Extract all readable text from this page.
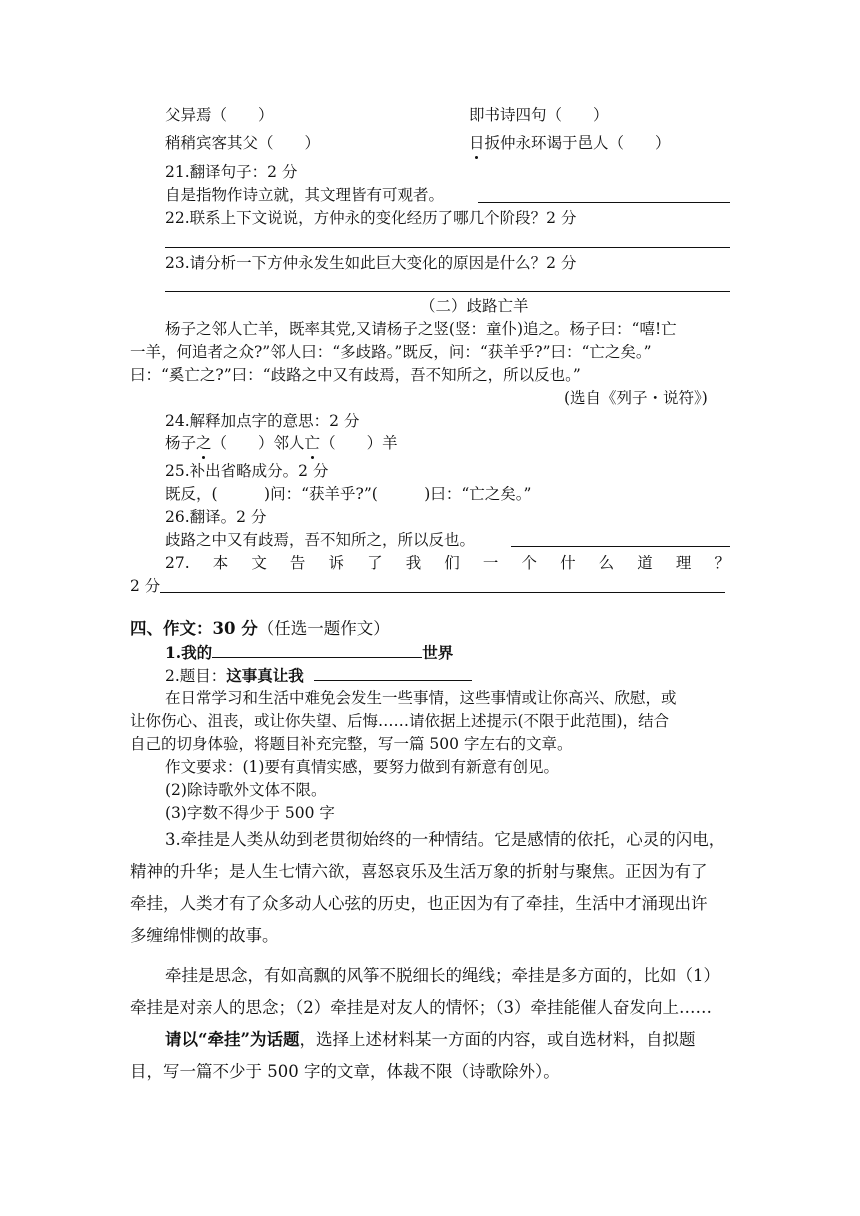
父异焉（　　）	即书诗四句（　　）
稍稍宾客其父（　　）	日扳仲永环谒于邑人（　　）
21.翻译句子：2 分
自是指物作诗立就，其文理皆有可观者。
22.联系上下文说说，方仲永的变化经历了哪几个阶段？2 分
23.请分析一下方仲永发生如此巨大变化的原因是什么？2 分
（二）歧路亡羊
杨子之邻人亡羊，既率其党,又请杨子之竖(竖：童仆)追之。杨子曰：“嘻!亡
一羊，何追者之众?”邻人曰：“多歧路。”既反，问：“获羊乎?”曰：“亡之矣。”
曰：“奚亡之?”曰：“歧路之中又有歧焉，吾不知所之，所以反也。”
(选自《列子・说符》)
24.解释加点字的意思：2 分
杨子之（　　）邻人亡（　　）羊
25.补出省略成分。2 分
既反，(　　　)问：“获羊乎?”(　　　)曰：“亡之矣。”
26.翻译。2 分
歧路之中又有歧焉，吾不知所之，所以反也。
27. 本 文 告 诉 了 我 们 一 个 什 么 道 理 ？
2 分
四、作文：30 分（任选一题作文）
1.我的	世界
2.题目：这事真让我
在日常学习和生活中难免会发生一些事情，这些事情或让你高兴、欣慰，或
让你伤心、沮丧，或让你失望、后悔……请依据上述提示(不限于此范围)，结合
自己的切身体验，将题目补充完整，写一篇 500 字左右的文章。
作文要求：(1)要有真情实感，要努力做到有新意有创见。
(2)除诗歌外文体不限。
(3)字数不得少于 500 字
3.牵挂是人类从幼到老贯彻始终的一种情结。它是感情的依托，心灵的闪电，
精神的升华；是人生七情六欲，喜怒哀乐及生活万象的折射与聚焦。正因为有了
牵挂，人类才有了众多动人心弦的历史，也正因为有了牵挂，生活中才涌现出许
多缠绵悱恻的故事。
牵挂是思念，有如高飘的风筝不脱细长的绳线；牵挂是多方面的，比如（1）
牵挂是对亲人的思念；（2）牵挂是对友人的情怀；（3）牵挂能催人奋发向上……
请以“牵挂”为话题，选择上述材料某一方面的内容，或自选材料，自拟题
目，写一篇不少于 500 字的文章，体裁不限（诗歌除外）。
